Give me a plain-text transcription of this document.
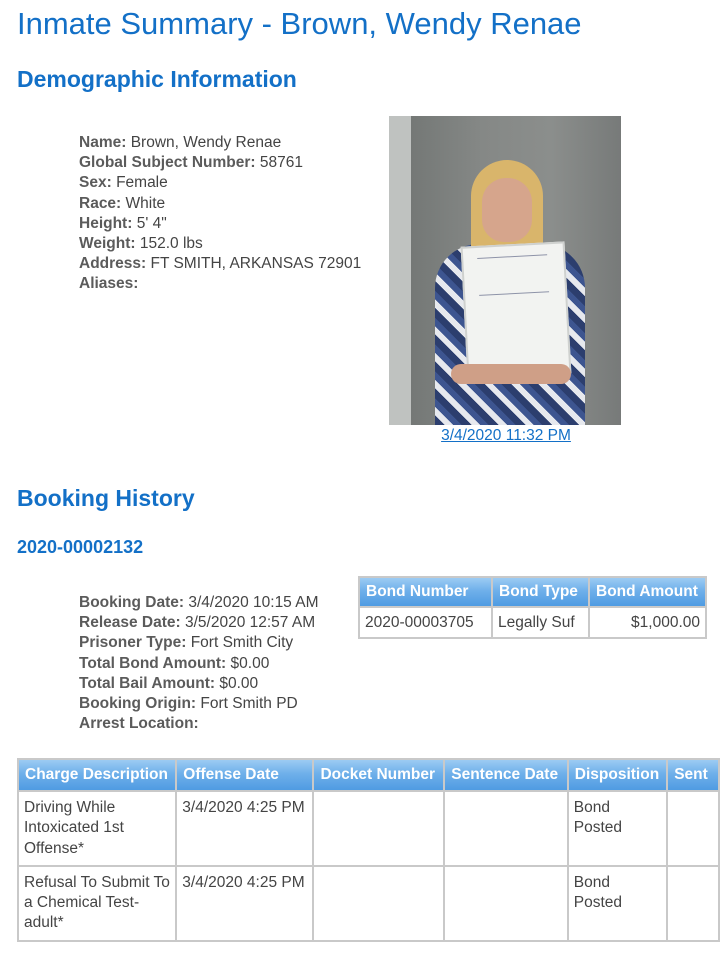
Inmate Summary - Brown, Wendy Renae
Demographic Information
Name: Brown, Wendy Renae
Global Subject Number: 58761
Sex: Female
Race: White
Height: 5' 4"
Weight: 152.0 lbs
Address: FT SMITH, ARKANSAS 72901
Aliases:
3/4/2020 11:32 PM
Booking History
2020-00002132
Booking Date: 3/4/2020 10:15 AM
Release Date: 3/5/2020 12:57 AM
Prisoner Type: Fort Smith City
Total Bond Amount: $0.00
Total Bail Amount: $0.00
Booking Origin: Fort Smith PD
Arrest Location:
Bond Number	Bond Type	Bond Amount
2020-00003705	Legally Suf	$1,000.00
Charge Description	Offense Date	Docket Number	Sentence Date	Disposition	Sent
Driving While Intoxicated 1st Offense*	3/4/2020 4:25 PM			Bond Posted	
Refusal To Submit To a Chemical Test-adult*	3/4/2020 4:25 PM			Bond Posted	
